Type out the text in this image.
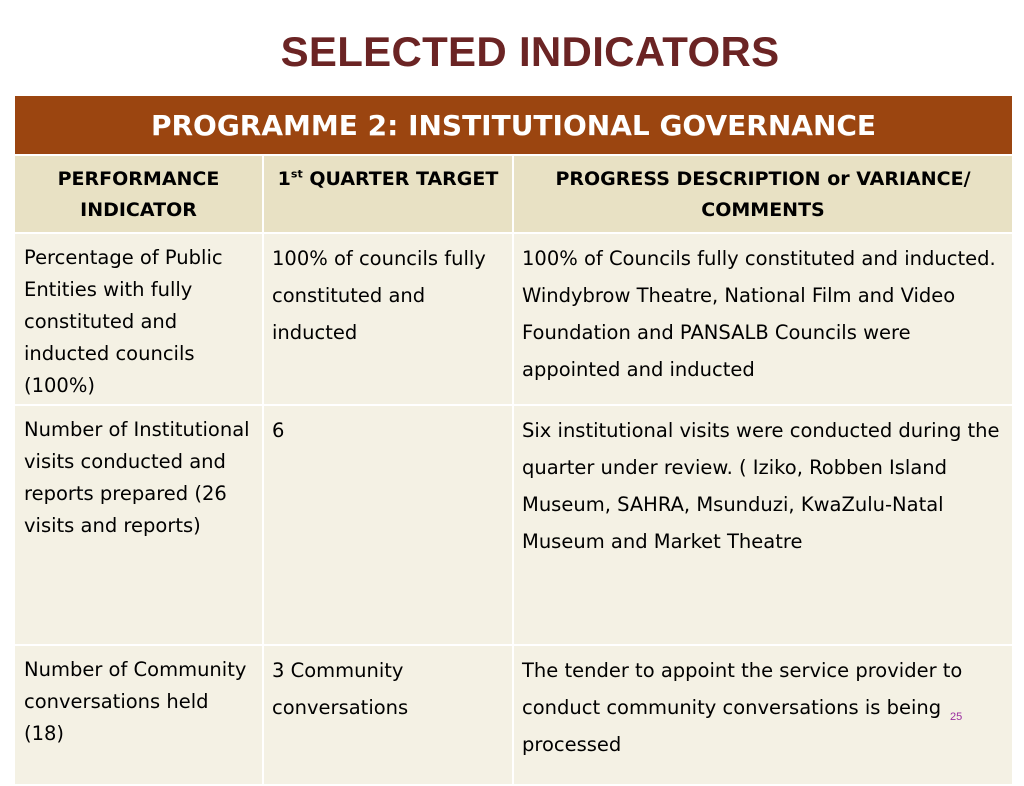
SELECTED INDICATORS
PROGRAMME 2: INSTITUTIONAL GOVERNANCE		
PERFORMANCE INDICATOR	1st QUARTER TARGET	PROGRESS DESCRIPTION or VARIANCE/ COMMENTS
Percentage of Public Entities with fully constituted and inducted councils (100%)	100% of councils fully constituted and inducted	100% of Councils fully constituted and inducted. Windybrow Theatre, National Film and Video Foundation and PANSALB Councils were appointed and inducted
Number of Institutional visits conducted and reports prepared (26 visits and reports)	6	Six institutional visits were conducted during the quarter under review. ( Iziko, Robben Island Museum, SAHRA, Msunduzi, KwaZulu-Natal Museum and Market Theatre
Number of Community conversations held (18)	3 Community conversations	The tender to appoint the service provider to conduct community conversations is being processed
25
